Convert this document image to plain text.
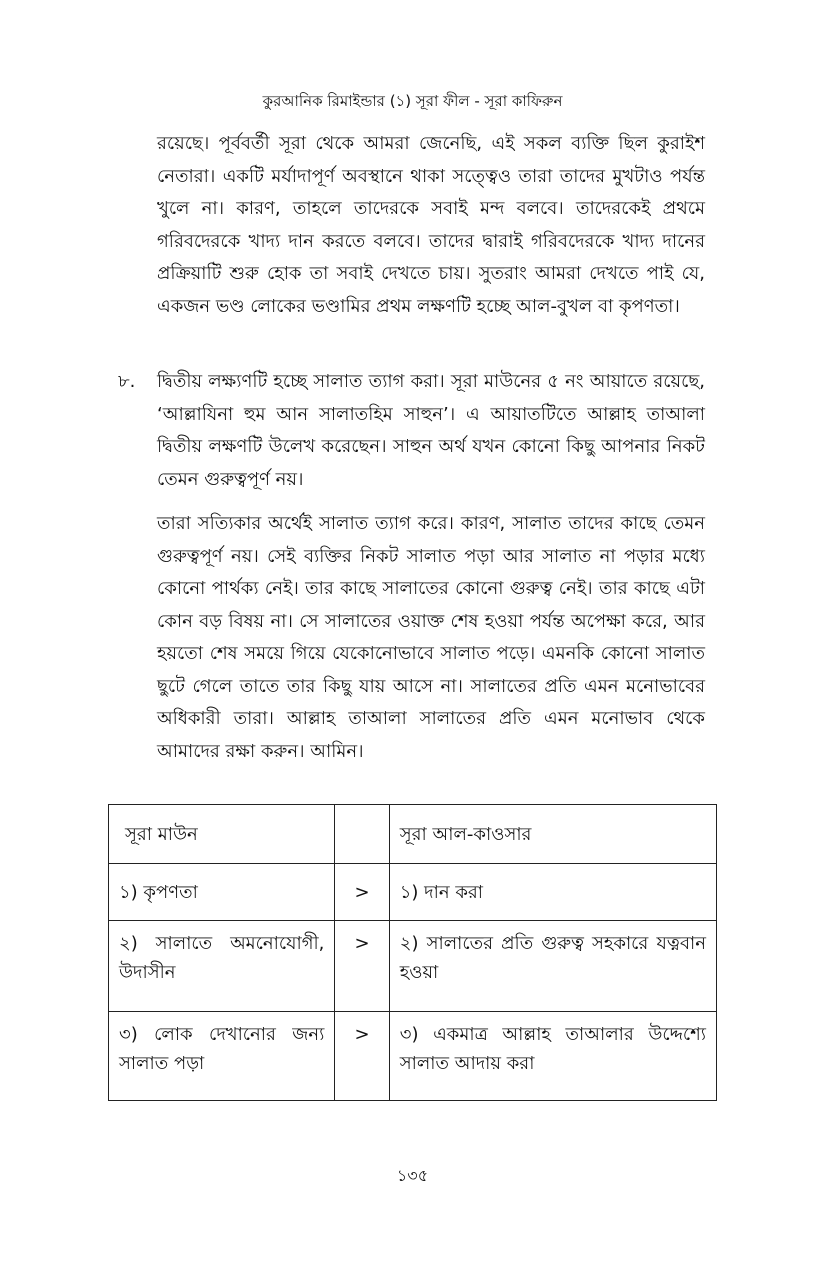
কুরআনিক রিমাইন্ডার (১) সূরা ফীল - সূরা কাফিরুন

রয়েছে। পূর্ববর্তী সূরা থেকে আমরা জেনেছি, এই সকল ব্যক্তি ছিল কুরাইশ নেতারা। একটি মর্যাদাপূর্ণ অবস্থানে থাকা সত্ত্বেও তারা তাদের মুখটাও পর্যন্ত খুলে না। কারণ, তাহলে তাদেরকে সবাই মন্দ বলবে। তাদেরকেই প্রথমে গরিবদেরকে খাদ্য দান করতে বলবে। তাদের দ্বারাই গরিবদেরকে খাদ্য দানের প্রক্রিয়াটি শুরু হোক তা সবাই দেখতে চায়। সুতরাং আমরা দেখতে পাই যে, একজন ভণ্ড লোকের ভণ্ডামির প্রথম লক্ষণটি হচ্ছে আল-বুখল বা কৃপণতা।

৮. দ্বিতীয় লক্ষ্যণটি হচ্ছে সালাত ত্যাগ করা। সূরা মাউনের ৫ নং আয়াতে রয়েছে, ‘আল্লাযিনা হুম আন সালাতহিম সাহুন’। এ আয়াতটিতে আল্লাহ তাআলা দ্বিতীয় লক্ষণটি উলেখ করেছেন। সাহুন অর্থ যখন কোনো কিছু আপনার নিকট তেমন গুরুত্বপূর্ণ নয়।

তারা সত্যিকার অর্থেই সালাত ত্যাগ করে। কারণ, সালাত তাদের কাছে তেমন গুরুত্বপূর্ণ নয়। সেই ব্যক্তির নিকট সালাত পড়া আর সালাত না পড়ার মধ্যে কোনো পার্থক্য নেই। তার কাছে সালাতের কোনো গুরুত্ব নেই। তার কাছে এটা কোন বড় বিষয় না। সে সালাতের ওয়াক্ত শেষ হওয়া পর্যন্ত অপেক্ষা করে, আর হয়তো শেষ সময়ে গিয়ে যেকোনোভাবে সালাত পড়ে। এমনকি কোনো সালাত ছুটে গেলে তাতে তার কিছু যায় আসে না। সালাতের প্রতি এমন মনোভাবের অধিকারী তারা। আল্লাহ তাআলা সালাতের প্রতি এমন মনোভাব থেকে আমাদের রক্ষা করুন। আমিন।

সূরা মাউন		সূরা আল-কাওসার
১) কৃপণতা	>	১) দান করা
২) সালাতে অমনোযোগী, উদাসীন	>	২) সালাতের প্রতি গুরুত্ব সহকারে যত্নবান হওয়া
৩) লোক দেখানোর জন্য সালাত পড়া	>	৩) একমাত্র আল্লাহ তাআলার উদ্দেশ্যে সালাত আদায় করা
১৩৫
